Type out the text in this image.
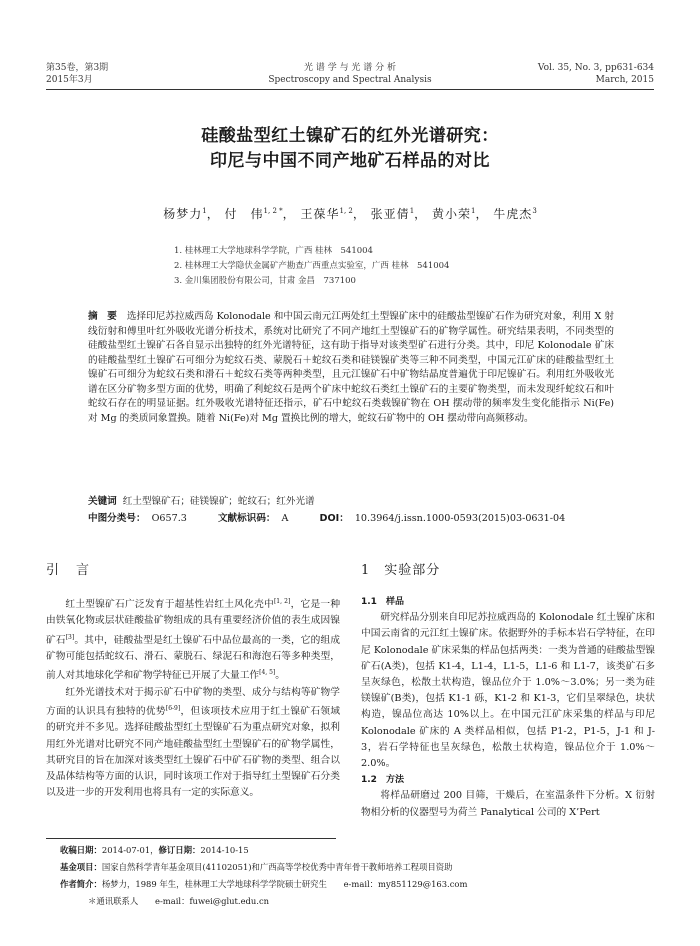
第35卷，第3期
2015年3月
光 谱 学 与 光 谱 分 析
Spectroscopy and Spectral Analysis
Vol. 35, No. 3, pp631-634
March, 2015
硅酸盐型红土镍矿石的红外光谱研究：
印尼与中国不同产地矿石样品的对比
杨梦力$^1$， 付　伟$^{1, 2 *}$， 王葆华$^{1, 2}$， 张亚倩$^1$， 黄小荣$^1$， 牛虎杰$^3$
1. 桂林理工大学地球科学学院，广西 桂林　541004
2. 桂林理工大学隐伏金属矿产勘查广西重点实验室，广西 桂林　541004
3. 金川集团股份有限公司，甘肃 金昌　737100
摘　要 选择印尼苏拉威西岛 Kolonodale 和中国云南元江两处红土型镍矿床中的硅酸盐型镍矿石作为研究对象，利用 X 射线衍射和傅里叶红外吸收光谱分析技术，系统对比研究了不同产地红土型镍矿石的矿物学属性。研究结果表明，不同类型的硅酸盐型红土镍矿石各自显示出独特的红外光谱特征，这有助于指导对该类型矿石进行分类。其中，印尼 Kolonodale 矿床的硅酸盐型红土镍矿石可细分为蛇纹石类、蒙脱石＋蛇纹石类和硅镁镍矿类等三种不同类型，中国元江矿床的硅酸盐型红土镍矿石可细分为蛇纹石类和滑石＋蛇纹石类等两种类型，且元江镍矿石中矿物结晶度普遍优于印尼镍矿石。利用红外吸收光谱在区分矿物多型方面的优势，明确了利蛇纹石是两个矿床中蛇纹石类红土镍矿石的主要矿物类型，而未发现纤蛇纹石和叶蛇纹石存在的明显证据。红外吸收光谱特征还指示，矿石中蛇纹石类载镍矿物在 OH 摆动带的频率发生变化能指示 Ni(Fe)对 Mg 的类质同象置换。随着 Ni(Fe)对 Mg 置换比例的增大，蛇纹石矿物中的 OH 摆动带向高频移动。
关键词 红土型镍矿石；硅镁镍矿；蛇纹石；红外光谱
中图分类号： O657.3	文献标识码： A	DOI： 10.3964/j.issn.1000-0593(2015)03-0631-04
引　言

红土型镍矿石广泛发育于超基性岩红土风化壳中[1, 2]，它是一种由铁氧化物或层状硅酸盐矿物组成的具有重要经济价值的表生成因镍矿石[3]。其中，硅酸盐型是红土镍矿石中品位最高的一类，它的组成矿物可能包括蛇纹石、滑石、蒙脱石、绿泥石和海泡石等多种类型，前人对其地球化学和矿物学特征已开展了大量工作[4, 5]。

红外光谱技术对于揭示矿石中矿物的类型、成分与结构等矿物学方面的认识具有独特的优势[6-9]，但该项技术应用于红土镍矿石领域的研究并不多见。选择硅酸盐型红土型镍矿石为重点研究对象，拟利用红外光谱对比研究不同产地硅酸盐型红土型镍矿石的矿物学属性，其研究目的旨在加深对该类型红土镍矿石中矿石矿物的类型、组合以及晶体结构等方面的认识，同时该项工作对于指导红土型镍矿石分类以及进一步的开发利用也将具有一定的实际意义。

1　实验部分
1.1　样品

研究样品分别来自印尼苏拉威西岛的 Kolonodale 红土镍矿床和中国云南省的元江红土镍矿床。依据野外的手标本岩石学特征，在印尼 Kolonodale 矿床采集的样品包括两类：一类为普通的硅酸盐型镍矿石(A类)，包括 K1-4，L1-4，L1-5，L1-6 和 L1-7，该类矿石多呈灰绿色，松散土状构造，镍品位介于 1.0%～3.0%；另一类为硅镁镍矿(B类)，包括 K1-1 砾，K1-2 和 K1-3，它们呈翠绿色，块状构造，镍品位高达 10%以上。在中国元江矿床采集的样品与印尼 Kolonodale 矿床的 A 类样品相似，包括 P1-2，P1-5，J-1 和 J-3，岩石学特征也呈灰绿色，松散土状构造，镍品位介于 1.0%～2.0%。

1.2　方法

将样品研磨过 200 目筛，干燥后，在室温条件下分析。X 衍射物相分析的仪器型号为荷兰 Panalytical 公司的 X’Pert

收稿日期：2014-07-01，修订日期：2014-10-15
基金项目：国家自然科学青年基金项目(41102051)和广西高等学校优秀中青年骨干教师培养工程项目资助
作者简介：杨梦力，1989 年生，桂林理工大学地球科学学院硕士研究生　　e-mail：my851129@163.com
＊通讯联系人　　e-mail：fuwei@glut.edu.cn
